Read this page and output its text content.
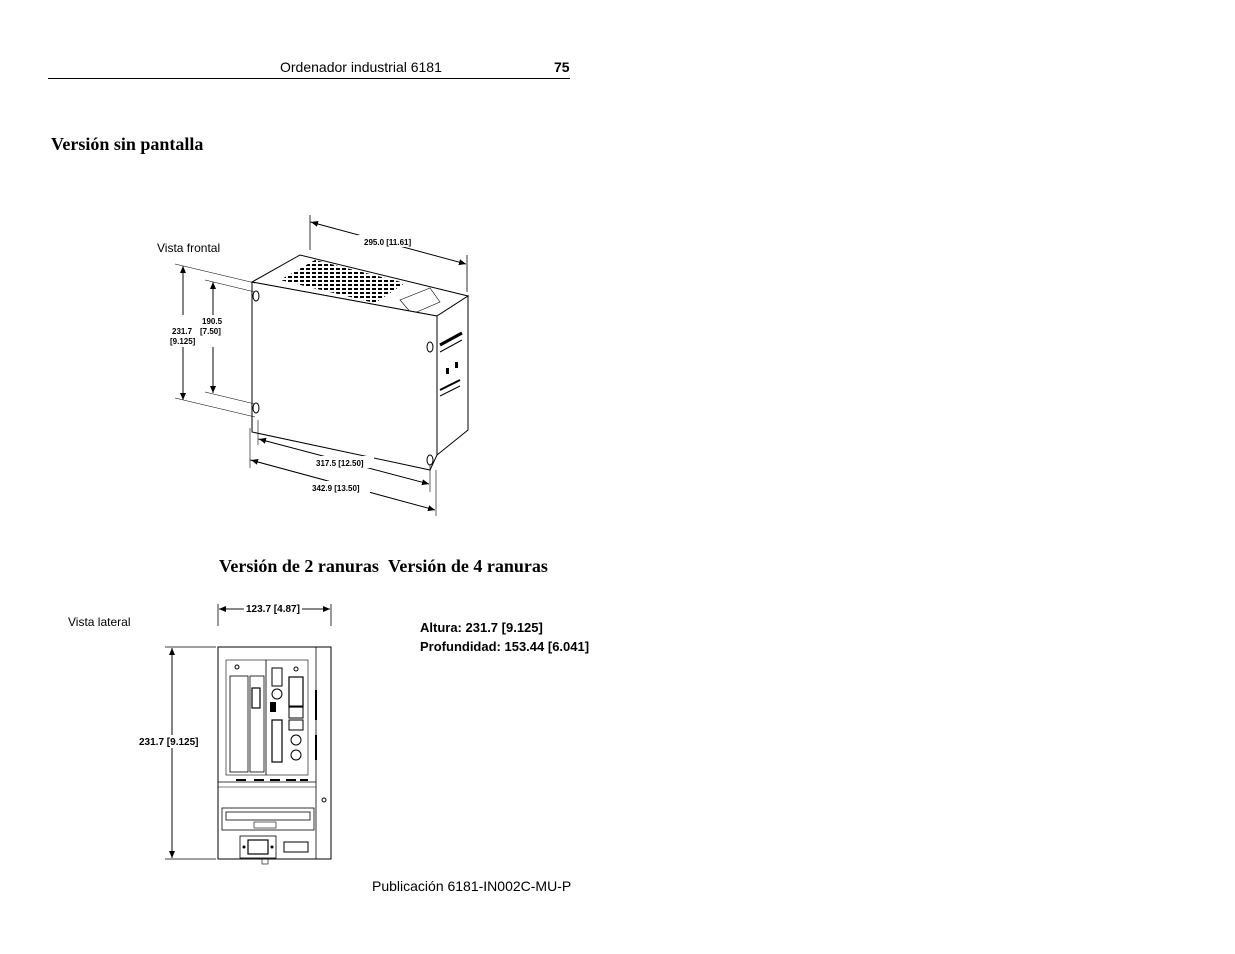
Ordenador industrial 6181	75
Versión sin pantalla
Versión de 2 ranuras Versión de 4 ranuras
Vista frontal
Vista lateral
295.0 [11.61]
190.5
231.7 [7.50]
[9.125]
317.5 [12.50]
342.9 [13.50]
123.7 [4.87]
231.7 [9.125]
Altura: 231.7 [9.125]
Profundidad: 153.44 [6.041]
Publicación 6181-IN002C-MU-P
